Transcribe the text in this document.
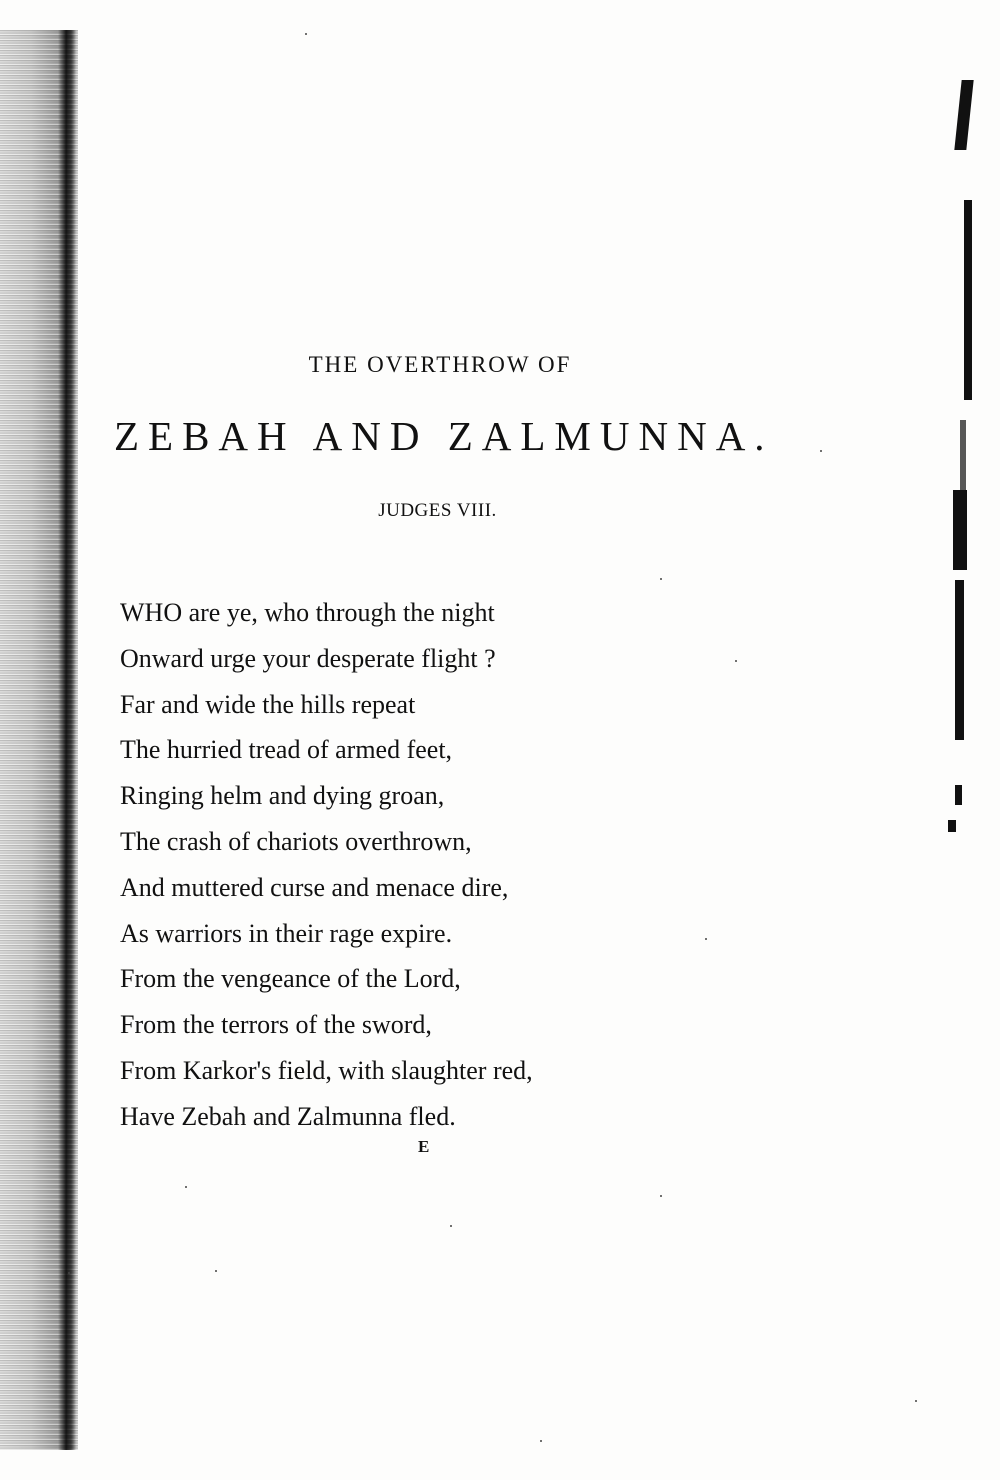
THE OVERTHROW OF
ZEBAH AND ZALMUNNA.
JUDGES VIII.
WHO are ye, who through the night
Onward urge your desperate flight ?
Far and wide the hills repeat
The hurried tread of armed feet,
Ringing helm and dying groan,
The crash of chariots overthrown,
And muttered curse and menace dire,
As warriors in their rage expire.
From the vengeance of the Lord,
From the terrors of the sword,
From Karkor's field, with slaughter red,
Have Zebah and Zalmunna fled.
E
